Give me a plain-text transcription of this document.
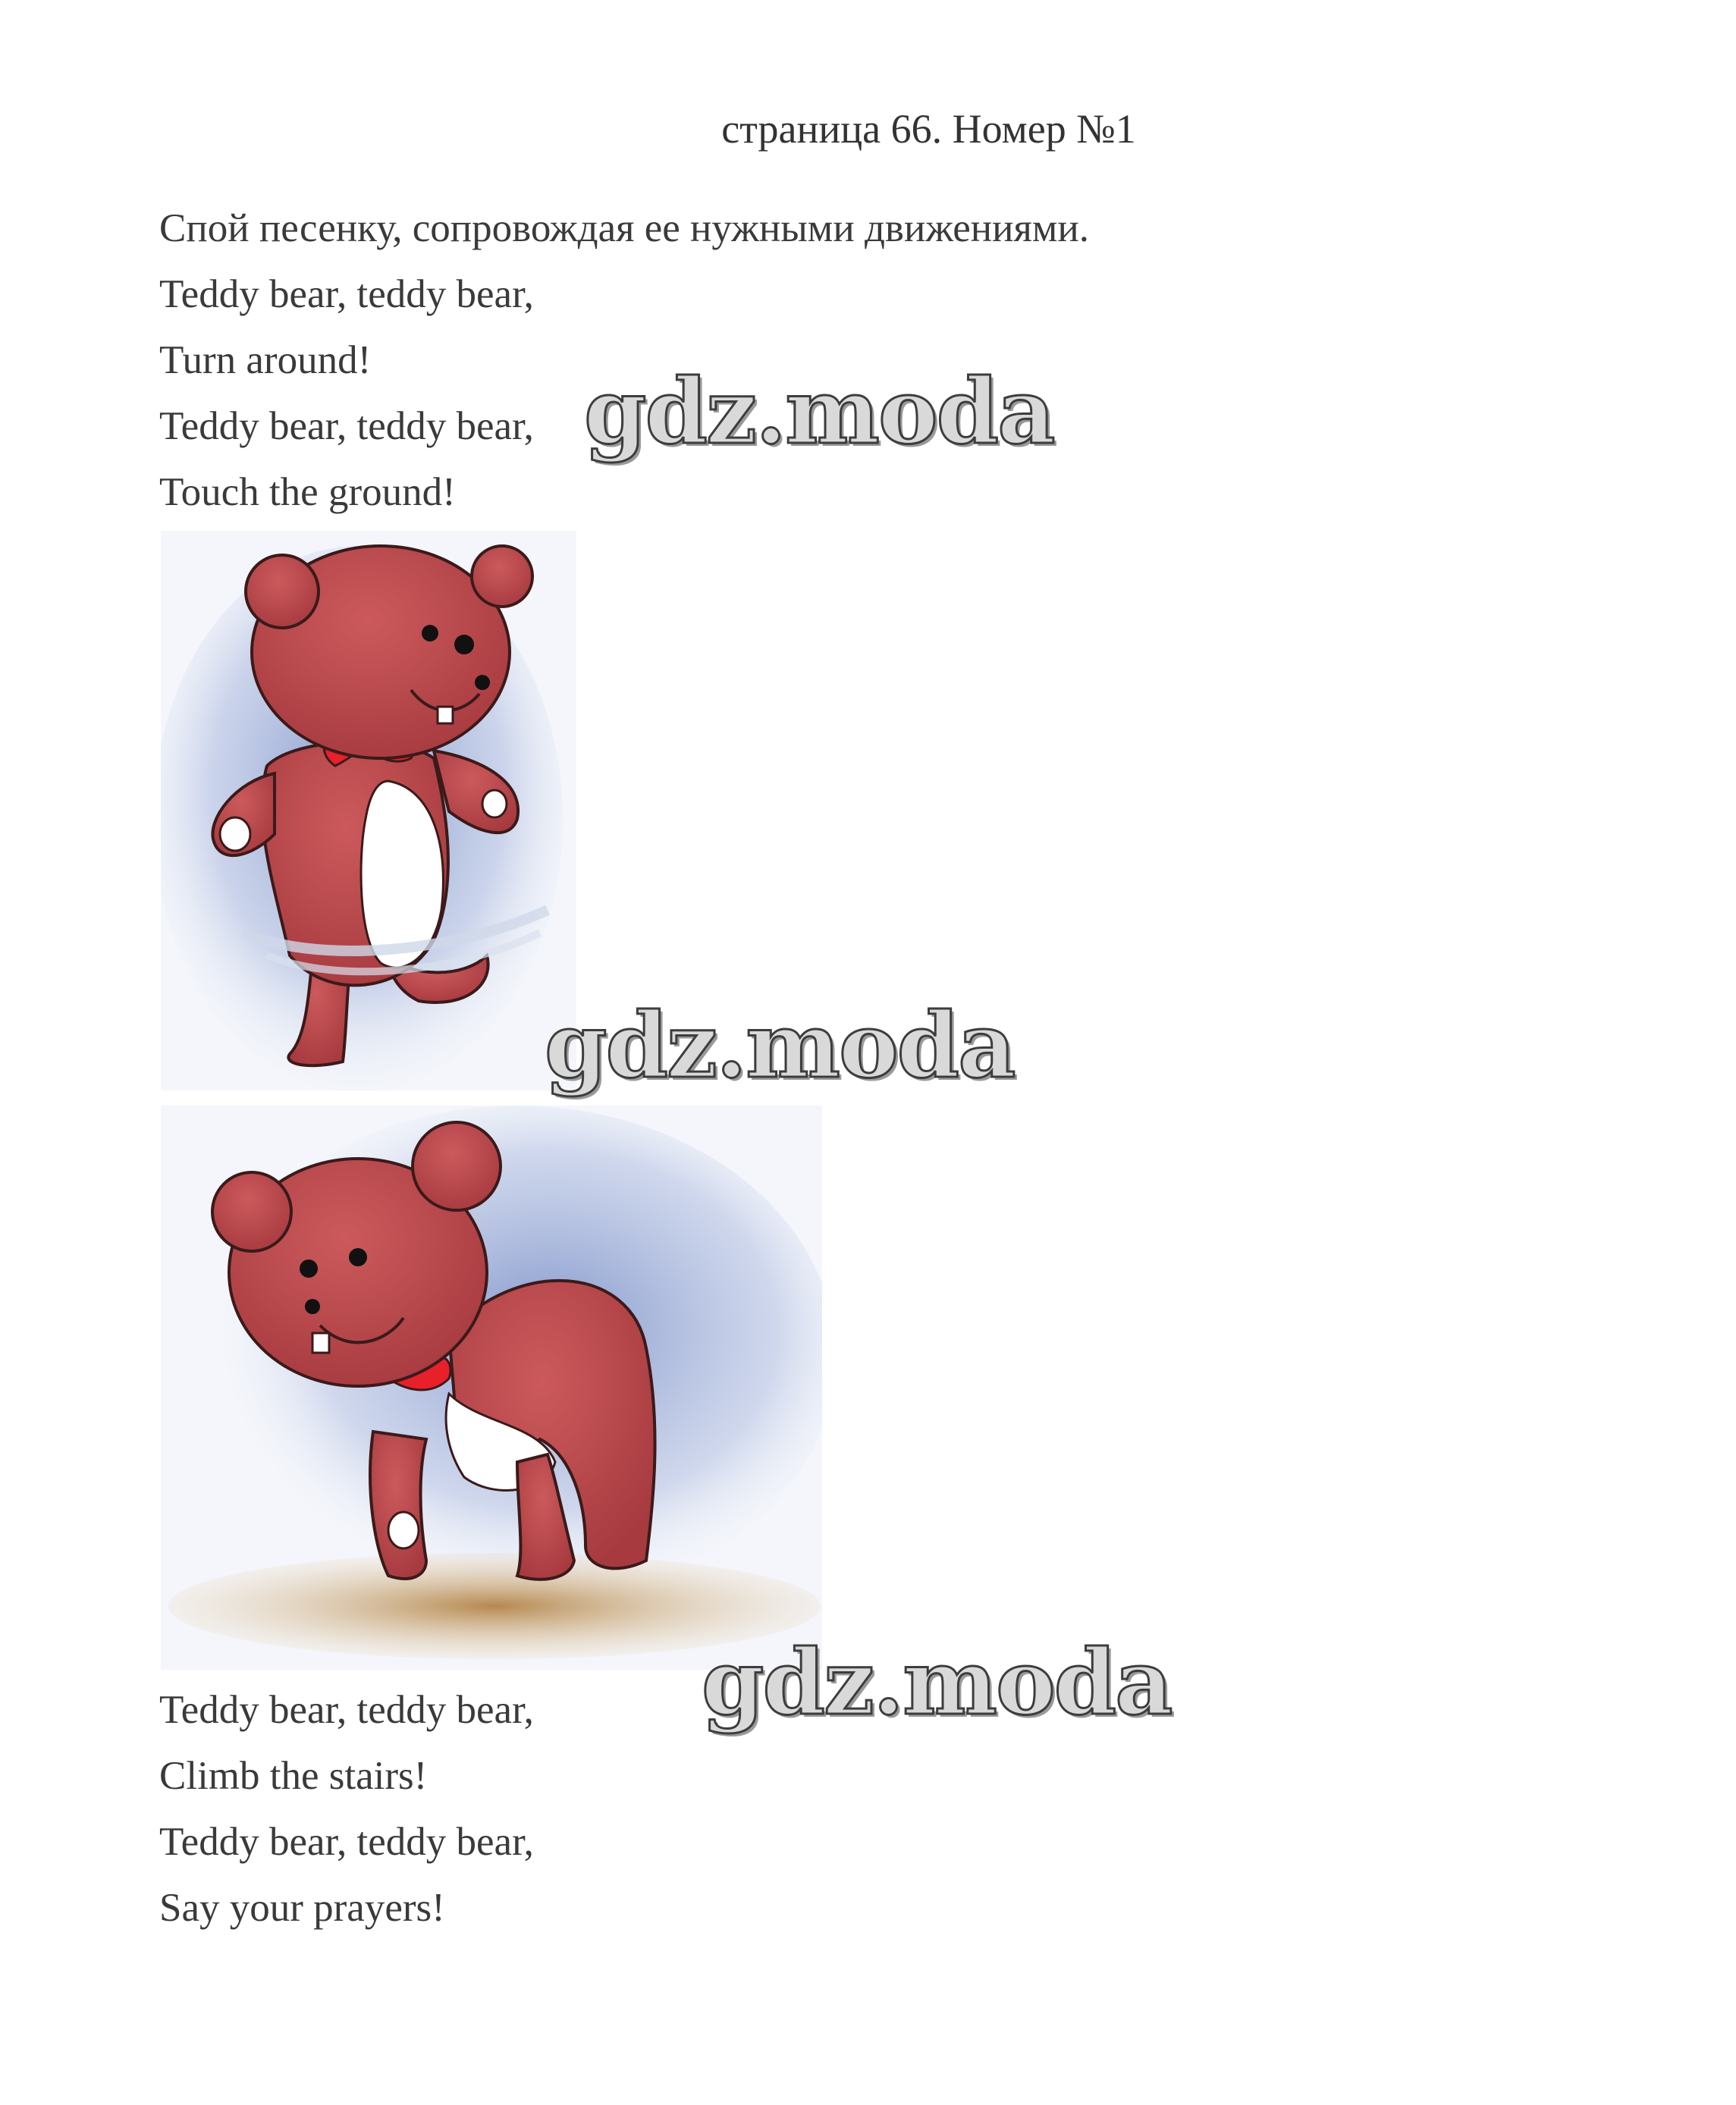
страница 66. Номер №1
Спой песенку, сопровождая ее нужными движениями.
Teddy bear, teddy bear,
Turn around!
Teddy bear, teddy bear,
Touch the ground!
Teddy bear, teddy bear,
Climb the stairs!
Teddy bear, teddy bear,
Say your prayers!
gdz.moda
gdz.moda
gdz.moda
